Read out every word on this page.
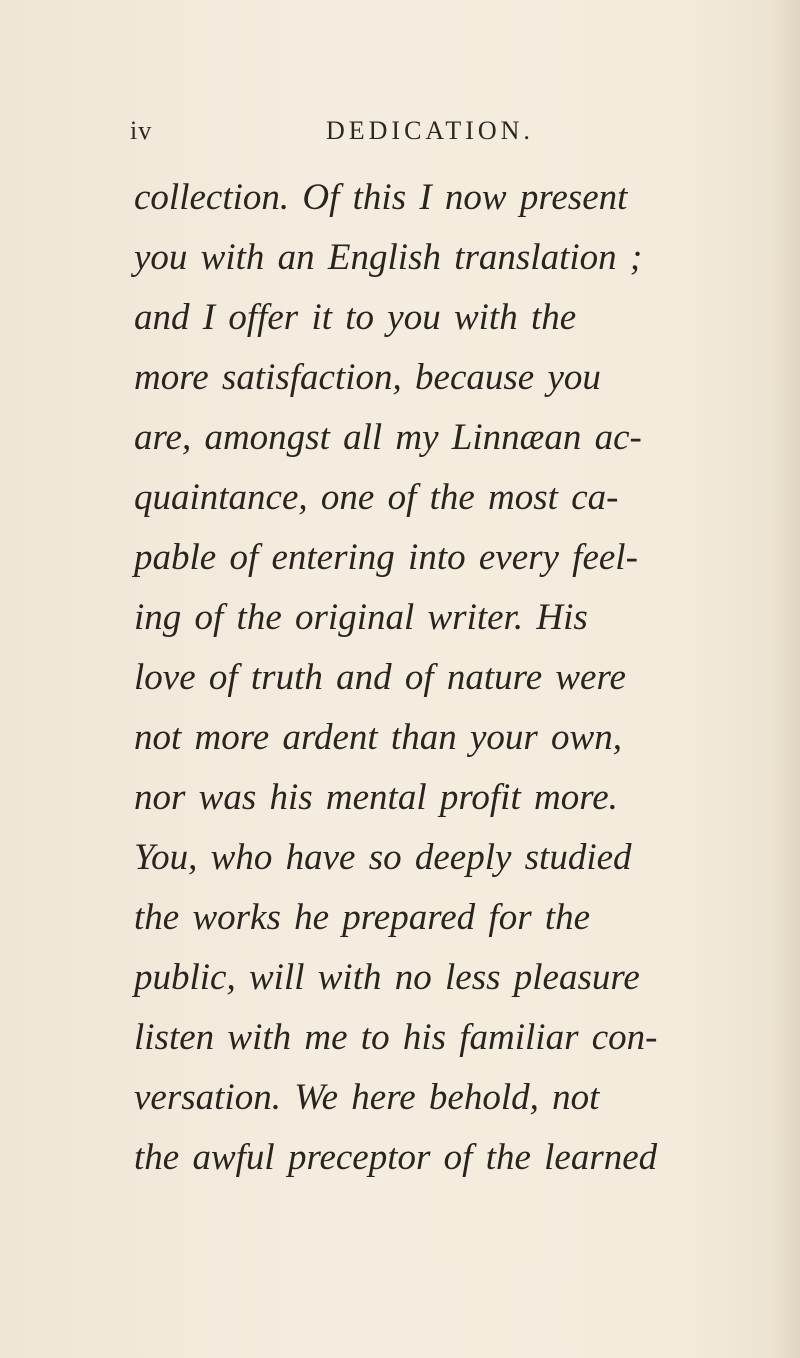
iv	DEDICATION.
collection. Of this I now present
you with an English translation ;
and I offer it to you with the
more satisfaction, because you
are, amongst all my Linnæan ac-
quaintance, one of the most ca-
pable of entering into every feel-
ing of the original writer. His
love of truth and of nature were
not more ardent than your own,
nor was his mental profit more.
You, who have so deeply studied
the works he prepared for the
public, will with no less pleasure
listen with me to his familiar con-
versation. We here behold, not
the awful preceptor of the learned
